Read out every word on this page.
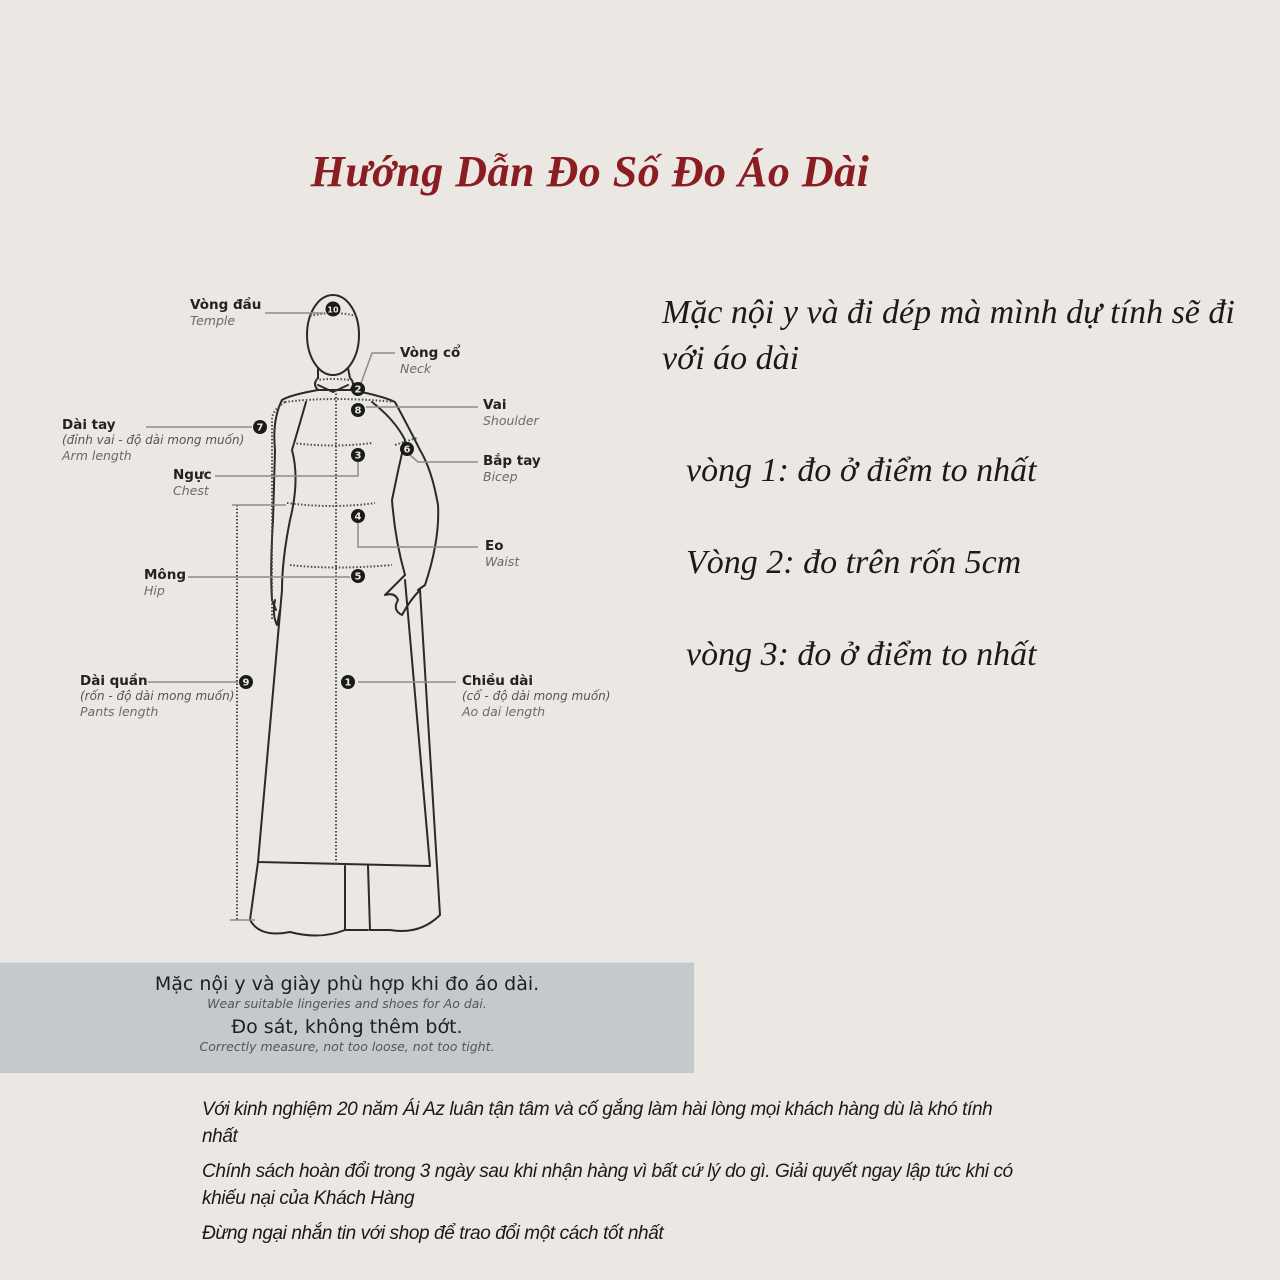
Hướng Dẫn Đo Số Đo Áo Dài
10
2
8
7
6
3
4
5
9	1
Vòng đầu
Temple
Vòng cổ
Neck
Vai
Shoulder
Dài tay
(đỉnh vai - độ dài mong muốn)
Arm length	Bắp tay
Bicep
Ngực
Chest
Eo
Waist
Mông
Hip
Dài quần
(rốn - độ dài mong muốn)
Pants length
Chiều dài
(cổ - độ dài mong muốn)
Ao dai length
Mặc nội y và đi dép mà mình dự tính sẽ đi với áo dài
vòng 1: đo ở điểm to nhất
Vòng 2: đo trên rốn 5cm
vòng 3: đo ở điểm to nhất
Mặc nội y và giày phù hợp khi đo áo dài.
Wear suitable lingeries and shoes for Ao dai.
Đo sát, không thêm bớt.
Correctly measure, not too loose, not too tight.

Với kinh nghiệm 20 năm Ái Az luân tận tâm và cố gắng làm hài lòng mọi khách hàng dù là khó tính nhất

Chính sách hoàn đổi trong 3 ngày sau khi nhận hàng vì bất cứ lý do gì. Giải quyết ngay lập tức khi có khiếu nại của Khách Hàng

Đừng ngại nhắn tin với shop để trao đổi một cách tốt nhất
